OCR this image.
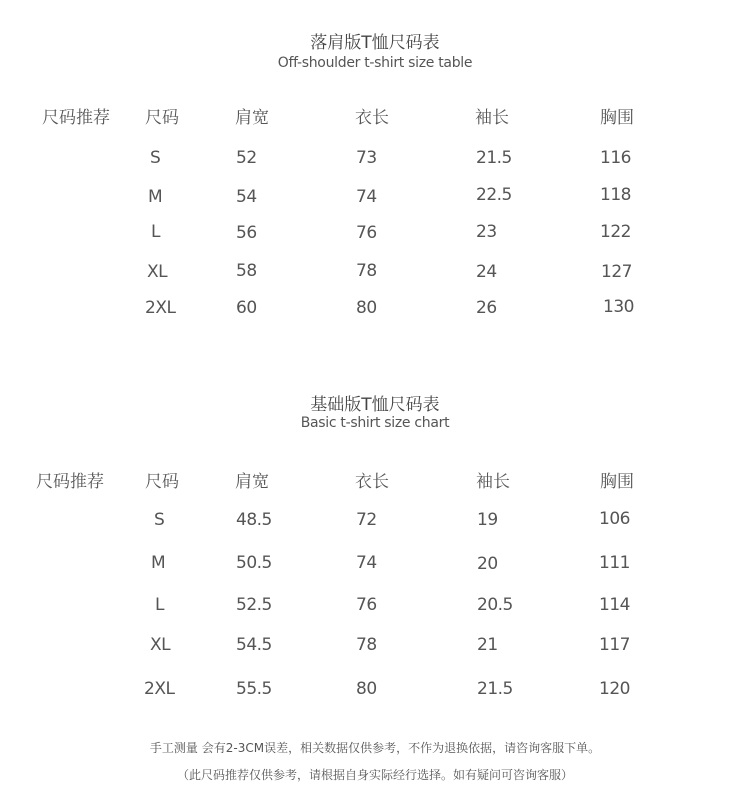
落肩版T恤尺码表
Off-shoulder t-shirt size table
尺码推荐 尺码	肩宽	衣长	袖长	胸围
S	52	73	21.5	116
M	54	74	22.5	118
L	56	76	23	122
XL	58	78	24	127
2XL	60	80	26	130
基础版T恤尺码表
Basic t-shirt size chart
尺码推荐 尺码	肩宽	衣长	袖长	胸围
S	48.5	72	19	106
M	50.5	74	20	111
L	52.5	76	20.5	114
XL	54.5	78	21	117
2XL	55.5	80	21.5	120
手工测量 会有2-3CM误差，相关数据仅供参考，不作为退换依据，请咨询客服下单。
（此尺码推荐仅供参考，请根据自身实际经行选择。如有疑问可咨询客服）
